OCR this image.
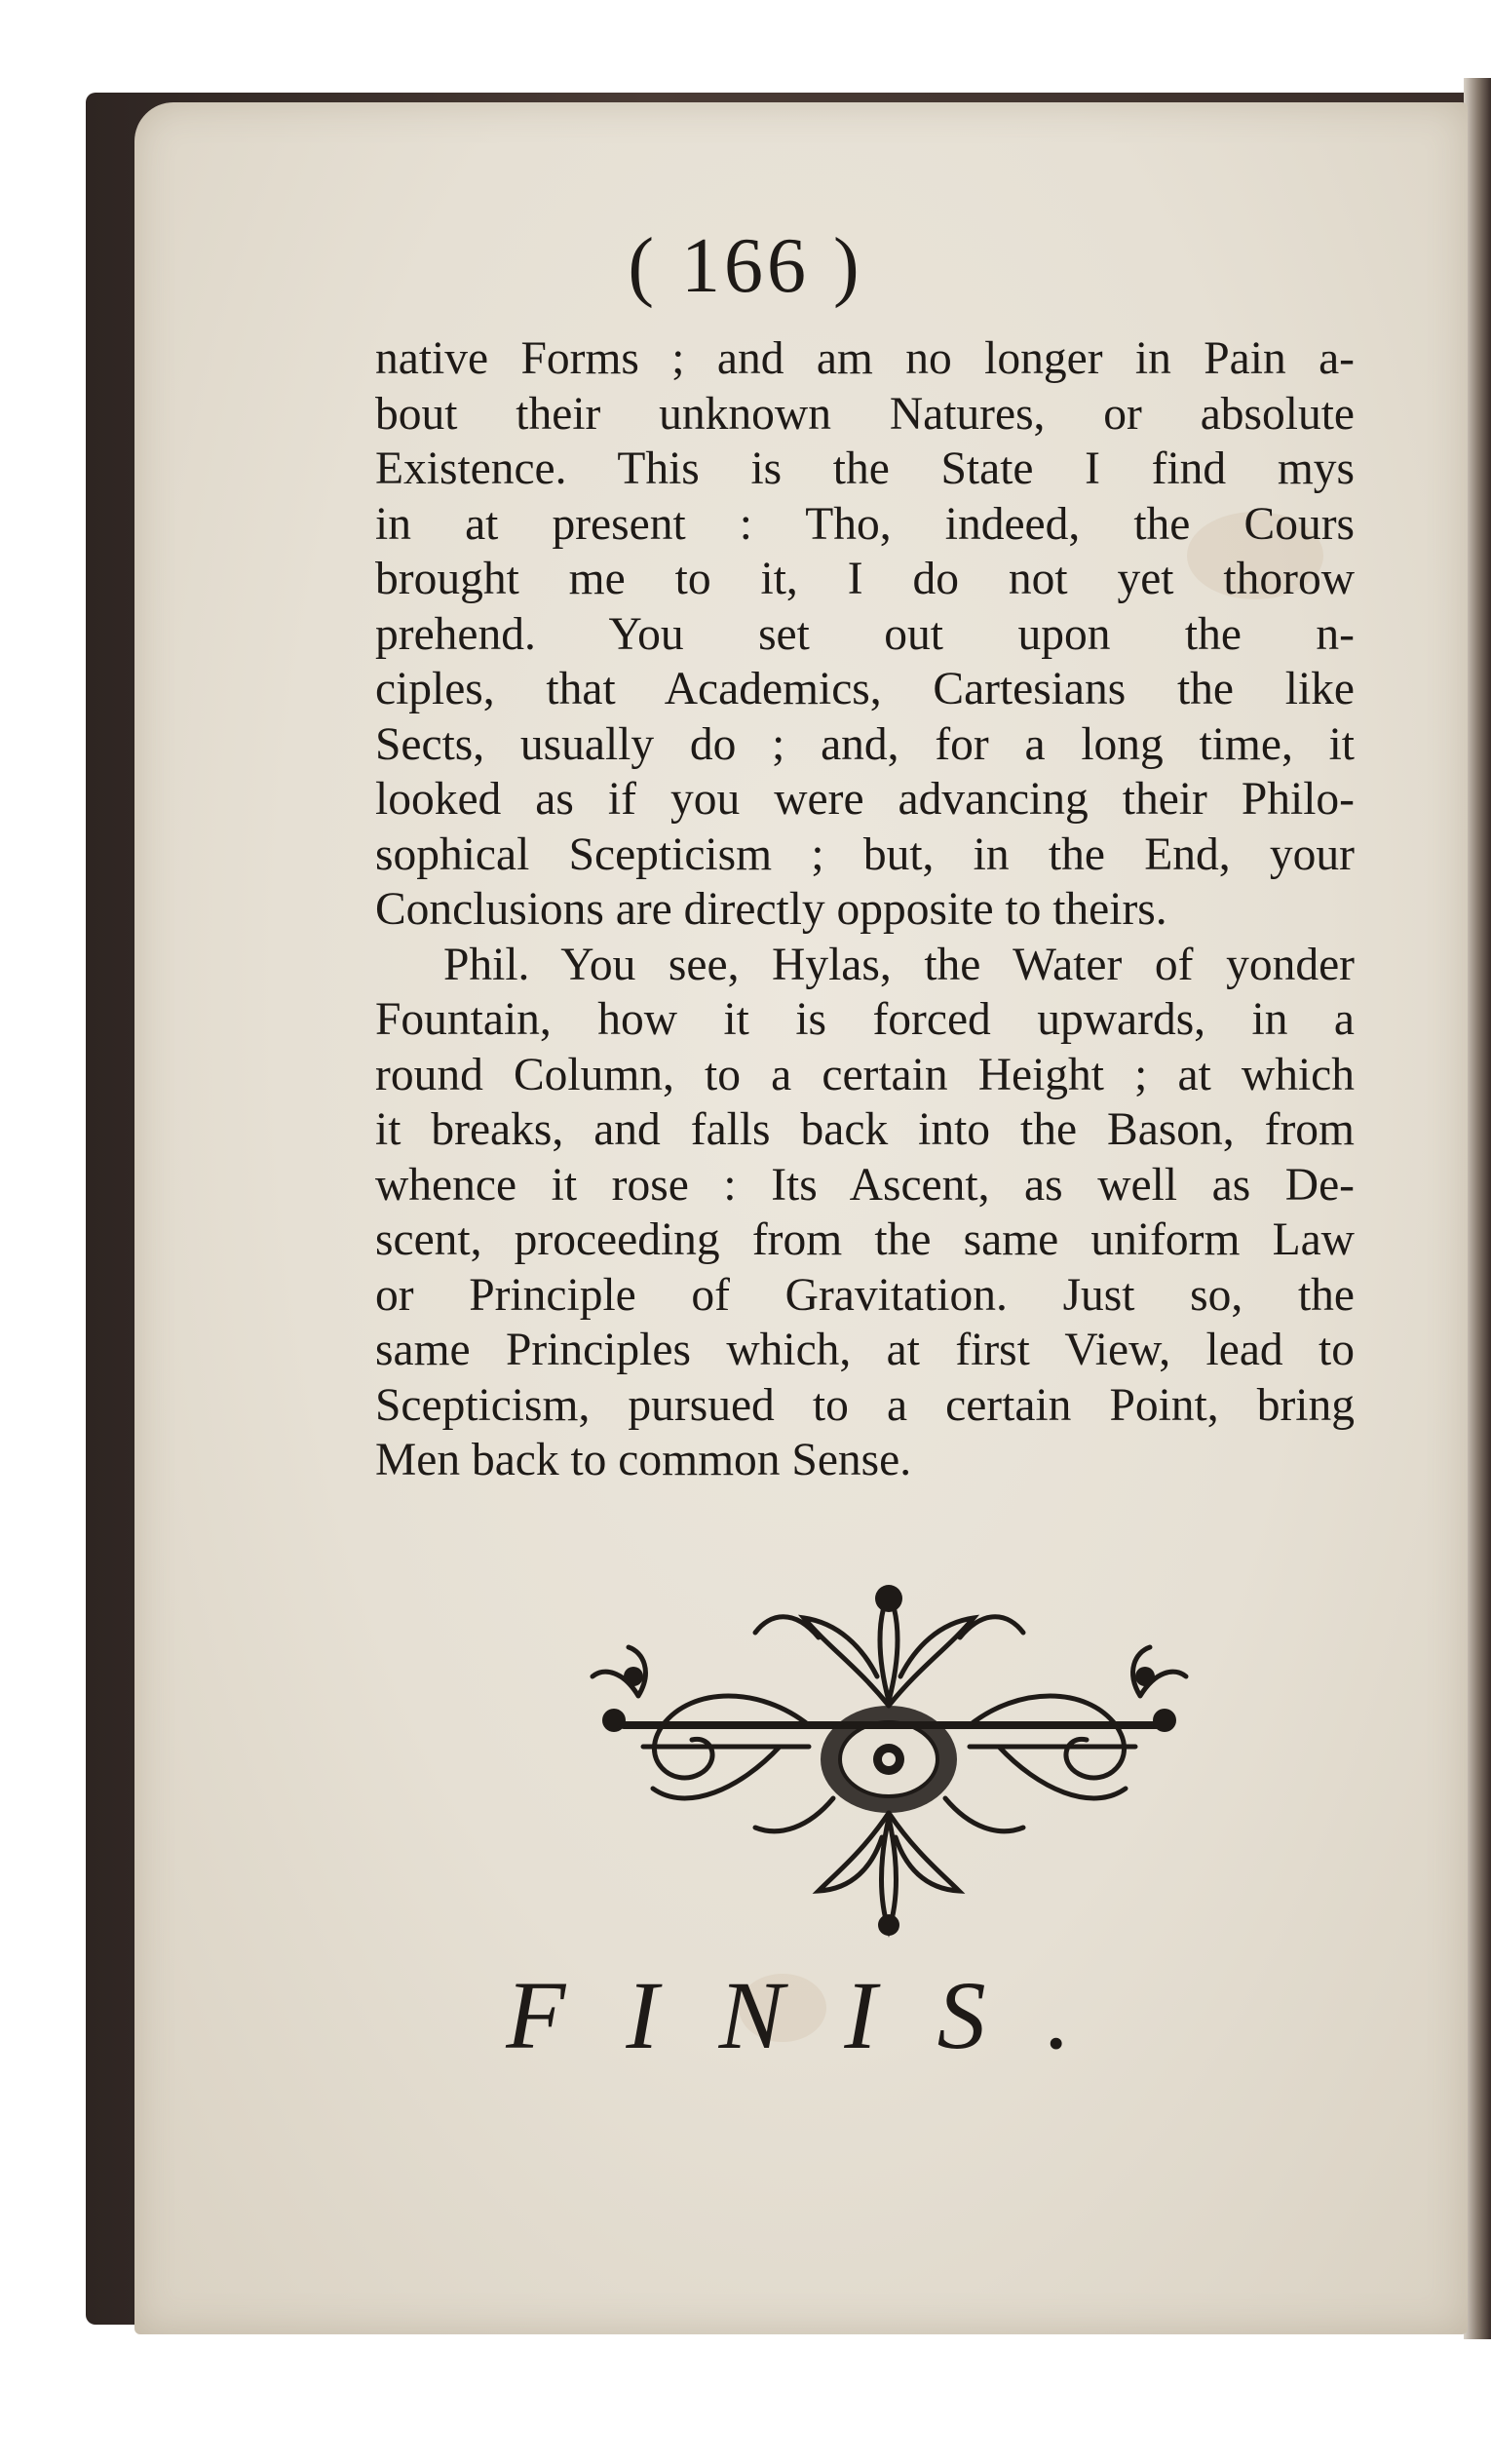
( 166 )
native Forms ; and am no longer in Pain a-
bout their unknown Natures, or absolute
Existence. This is the State I find mys
in at present : Tho, indeed, the Cours
brought me to it, I do not yet thorow
prehend. You set out upon the n-
ciples, that Academics, Cartesians the like
Sects, usually do ; and, for a long time, it
looked as if you were advancing their Philo-
sophical Scepticism ; but, in the End, your
Conclusions are directly opposite to theirs.
Phil. You see, Hylas, the Water of yonder
Fountain, how it is forced upwards, in a
round Column, to a certain Height ; at which
it breaks, and falls back into the Bason, from
whence it rose : Its Ascent, as well as De-
scent, proceeding from the same uniform Law
or Principle of Gravitation. Just so, the
same Principles which, at first View, lead to
Scepticism, pursued to a certain Point, bring
Men back to common Sense.
FINIS.
